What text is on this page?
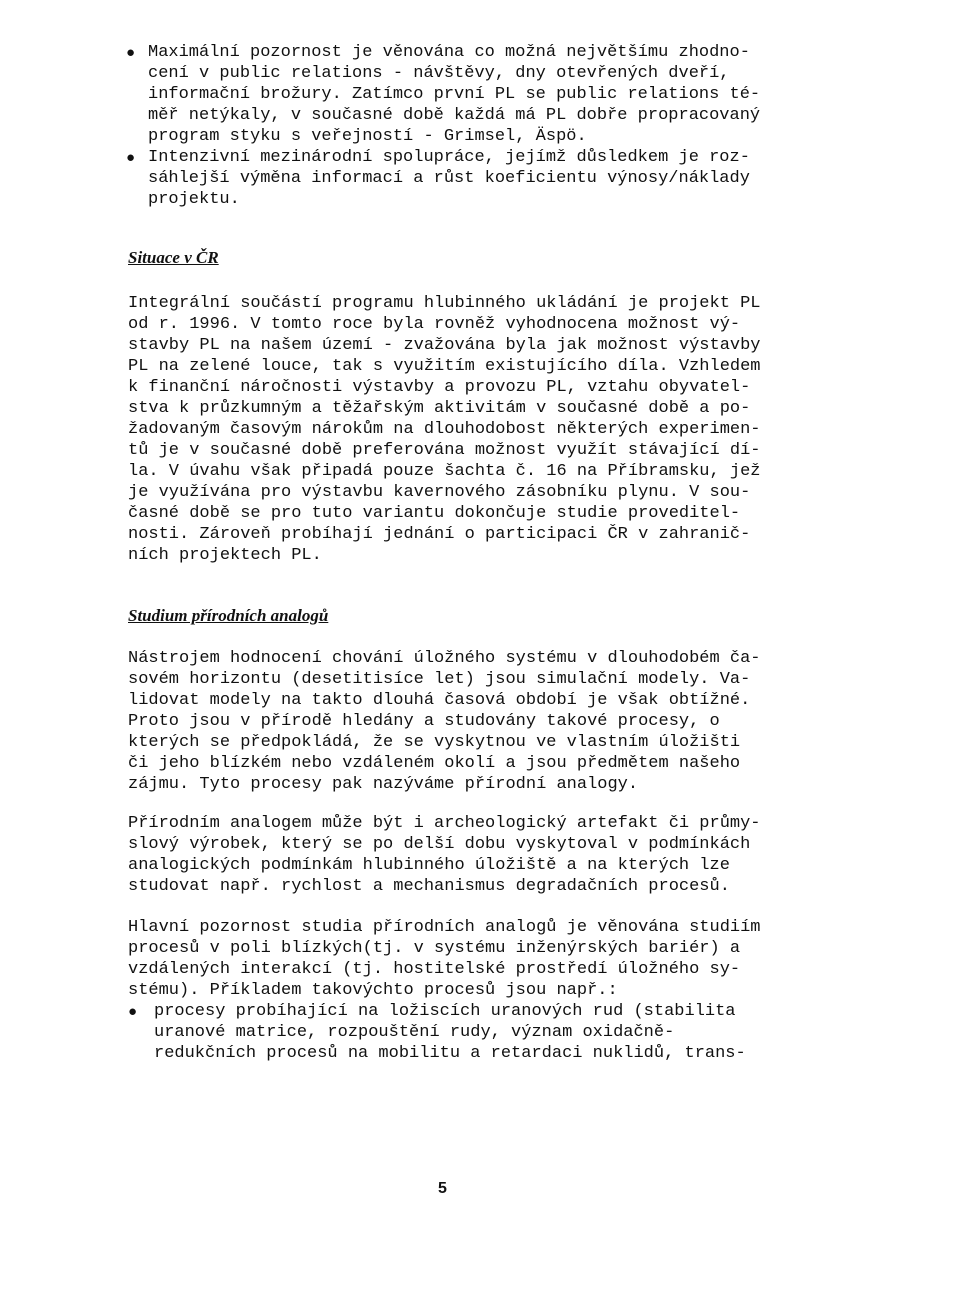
● Maximální pozornost je věnována co možná největšímu zhodno-
cení v public relations - návštěvy, dny otevřených dveří,
informační brožury. Zatímco první PL se public relations té-
měř netýkaly, v současné době každá má PL dobře propracovaný
program styku s veřejností - Grimsel, Äspö.
● Intenzivní mezinárodní spolupráce, jejímž důsledkem je roz-
sáhlejší výměna informací a růst koeficientu výnosy/náklady
projektu.
Situace v ČR
Integrální součástí programu hlubinného ukládání je projekt PL
od r. 1996. V tomto roce byla rovněž vyhodnocena možnost vý-
stavby PL na našem území - zvažována byla jak možnost výstavby
PL na zelené louce, tak s využitím existujícího díla. Vzhledem
k finanční náročnosti výstavby a provozu PL, vztahu obyvatel-
stva k průzkumným a těžařským aktivitám v současné době a po-
žadovaným časovým nárokům na dlouhodobost některých experimen-
tů je v současné době preferována možnost využít stávající dí-
la. V úvahu však připadá pouze šachta č. 16 na Příbramsku, jež
je využívána pro výstavbu kavernového zásobníku plynu. V sou-
časné době se pro tuto variantu dokončuje studie proveditel-
nosti. Zároveň probíhají jednání o participaci ČR v zahranič-
ních projektech PL.
Studium přírodních analogů
Nástrojem hodnocení chování úložného systému v dlouhodobém ča-
sovém horizontu (desetitisíce let) jsou simulační modely. Va-
lidovat modely na takto dlouhá časová období je však obtížné.
Proto jsou v přírodě hledány a studovány takové procesy, o
kterých se předpokládá, že se vyskytnou ve vlastním úložišti
či jeho blízkém nebo vzdáleném okolí a jsou předmětem našeho
zájmu. Tyto procesy pak nazýváme přírodní analogy.
Přírodním analogem může být i archeologický artefakt či průmy-
slový výrobek, který se po delší dobu vyskytoval v podmínkách
analogických podmínkám hlubinného úložiště a na kterých lze
studovat např. rychlost a mechanismus degradačních procesů.
Hlavní pozornost studia přírodních analogů je věnována studiím
procesů v poli blízkých(tj. v systému inženýrských bariér) a
vzdálených interakcí (tj. hostitelské prostředí úložného sy-
stému). Příkladem takovýchto procesů jsou např.:
● procesy probíhající na ložiscích uranových rud (stabilita
uranové matrice, rozpouštění rudy, význam oxidačně-
redukčních procesů na mobilitu a retardaci nuklidů, trans-
5
